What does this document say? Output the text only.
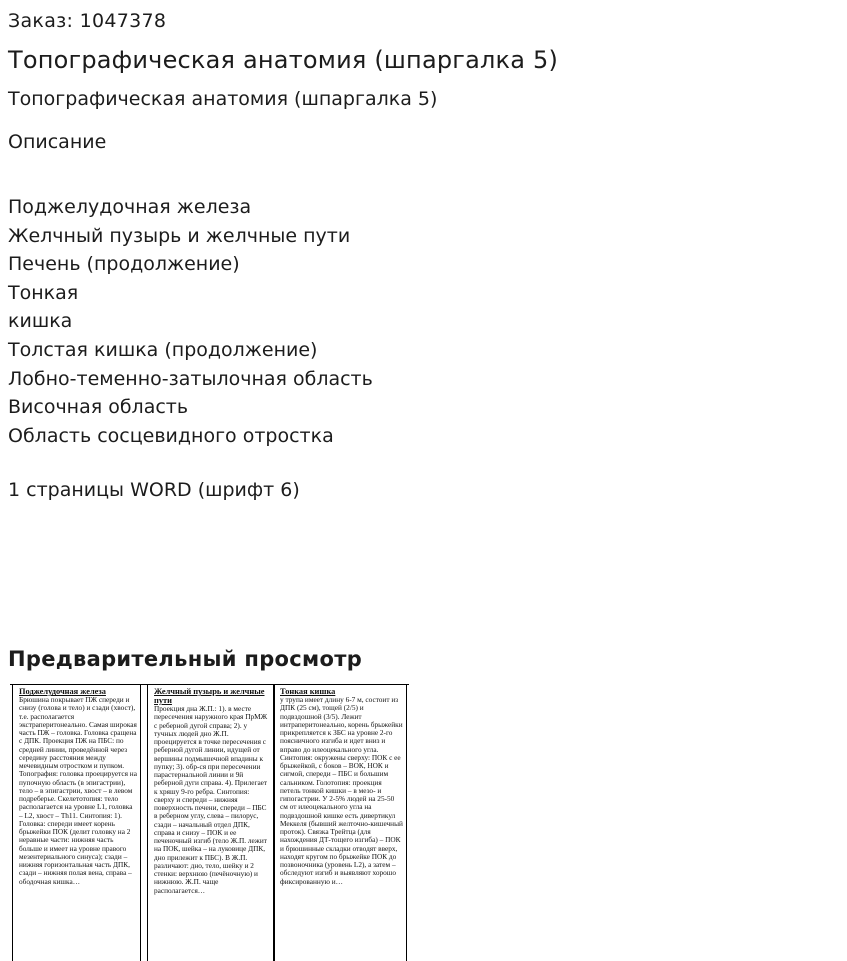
Заказ: 1047378
Топографическая анатомия (шпаргалка 5)
Топографическая анатомия (шпаргалка 5)
Описание
Поджелудочная железа
Желчный пузырь и желчные пути
Печень (продолжение)
Тонкая
кишка
Толстая кишка (продолжение)
Лобно-теменно-затылочная область
Височная область
Область сосцевидного отростка
1 страницы WORD (шрифт 6)
Предварительный просмотр
Поджелудочная железа

Брюшина покрывает ПЖ спереди и снизу (голова и тело) и сзади (хвост), т.е. располагается экстраперитонеально. Самая широкая часть ПЖ – головка. Головка сращена с ДПК. Проекция ПЖ на ПБС: по средней линии, проведённой через середину расстояния между мечевидным отростком и пупком. Топография: головка проецируется на пупочную область (в эпигастрии), тело – в эпигастрии, хвост – в левом подреберье. Скелетотопия: тело располагается на уровне L1, головка – L2, хвост – Th11. Синтопия: 1). Головка: спереди имеет корень брыжейки ПОК (делит головку на 2 неравные части: нижняя часть больше и имеет на уровне правого мезентериального синуса); сзади – нижняя горизонтальная часть ДПК, сзади – нижняя полая вена, справа – ободочная кишка…

Желчный пузырь и желчные пути

Проекция дна Ж.П.: 1). в месте пересечения наружного края ПрМЖ с реберной дугой справа; 2). у тучных людей дно Ж.П. проецируется в точке пересечения с реберной дугой линии, идущей от вершины подмышечной впадины к пупку; 3). обр-ся при пересечении парастернальной линии и 9й реберной дуги справа. 4). Прилегает к хряшу 9-го ребра. Синтопия: сверху и спереди – нижняя поверхность печени, спереди – ПБС в реберном углу, слева – пилорус, сзади – начальный отдел ДПК, справа и снизу – ПОК и ее печеночный изгиб (тело Ж.П. лежит на ПОК, шейка – на луковице ДПК, дно прилежит к ПБС). В Ж.П. различают: дно, тело, шейку и 2 стенки: верхнюю (печёночную) и нижнюю. Ж.П. чаще располагается…

Тонкая кишка

у трупа имеет длину 6-7 м, состоит из ДПК (25 см), тощей (2/5) и подвздошной (3/5). Лежит интраперитонеально, корень брыжейки прикрепляется к ЗБС на уровне 2-го поясничного изгиба и идет вниз и вправо до илеоцекального угла. Синтопия: окружены сверху: ПОК с ее брыжейкой, с боков – ВОК, НОК и сигмой, спереди – ПБС и большим сальником. Голотопия: проекция петель тонкой кишки – в мезо- и гипогастрии. У 2-5% людей на 25-50 см от илеоцекального угла на подвздошной кишке есть дивертикул Меккеля (бывший желточно-кишечный проток). Связка Трейтца (для нахождения ДТ-тощего изгиба) – ПОК и брюшинные складки отводят вверх, находят кругом по брыжейке ПОК до позвоночника (уровень L2), а затем – обследуют изгиб и выявляют хорошо фиксированную и…
